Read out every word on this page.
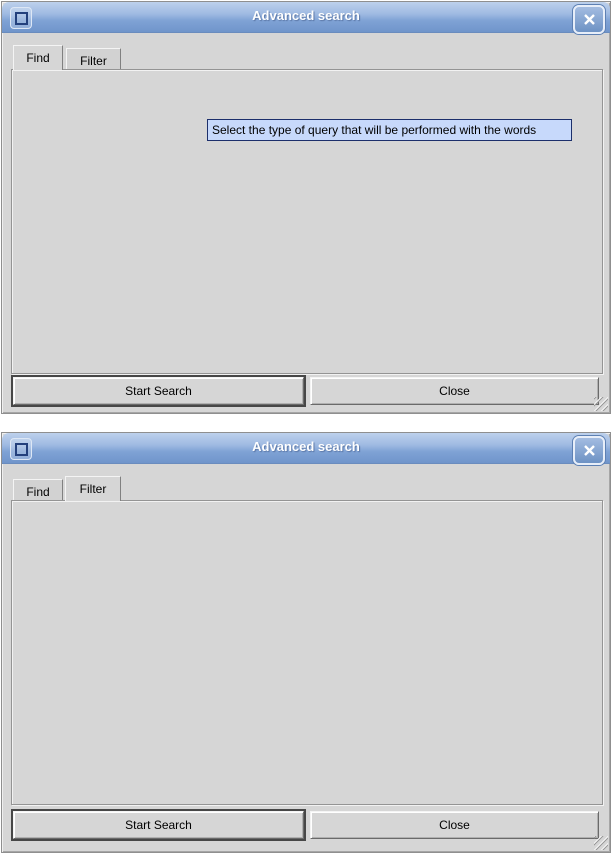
Advanced search
Find	Filter
Select the type of query that will be performed with the words
Start Search	Close
Advanced search
Find	Filter
Start Search	Close
